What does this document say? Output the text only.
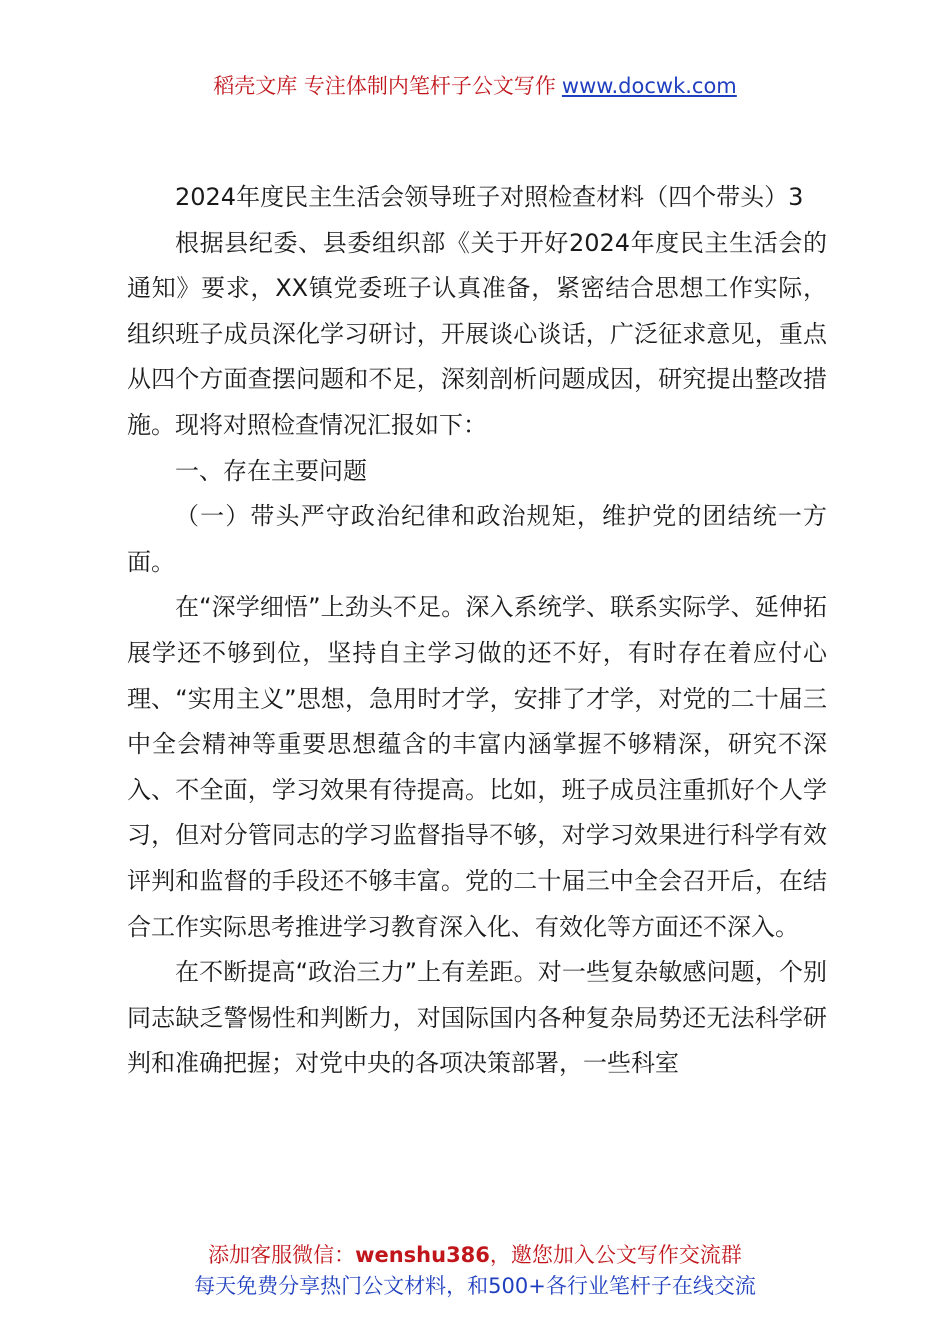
稻壳文库 专注体制内笔杆子公文写作 www.docwk.com

2024年度民主生活会领导班子对照检查材料（四个带头）3

根据县纪委、县委组织部《关于开好2024年度民主生活会的通知》要求，XX镇党委班子认真准备，紧密结合思想工作实际，组织班子成员深化学习研讨，开展谈心谈话，广泛征求意见，重点从四个方面查摆问题和不足，深刻剖析问题成因，研究提出整改措施。现将对照检查情况汇报如下：

一、存在主要问题

（一）带头严守政治纪律和政治规矩，维护党的团结统一方面。

在“深学细悟”上劲头不足。深入系统学、联系实际学、延伸拓展学还不够到位，坚持自主学习做的还不好，有时存在着应付心理、“实用主义”思想，急用时才学，安排了才学，对党的二十届三中全会精神等重要思想蕴含的丰富内涵掌握不够精深，研究不深入、不全面，学习效果有待提高。比如，班子成员注重抓好个人学习，但对分管同志的学习监督指导不够，对学习效果进行科学有效评判和监督的手段还不够丰富。党的二十届三中全会召开后，在结合工作实际思考推进学习教育深入化、有效化等方面还不深入。

在不断提高“政治三力”上有差距。对一些复杂敏感问题，个别同志缺乏警惕性和判断力，对国际国内各种复杂局势还无法科学研判和准确把握；对党中央的各项决策部署，一些科室

添加客服微信：wenshu386，邀您加入公文写作交流群
每天免费分享热门公文材料，和500+各行业笔杆子在线交流
